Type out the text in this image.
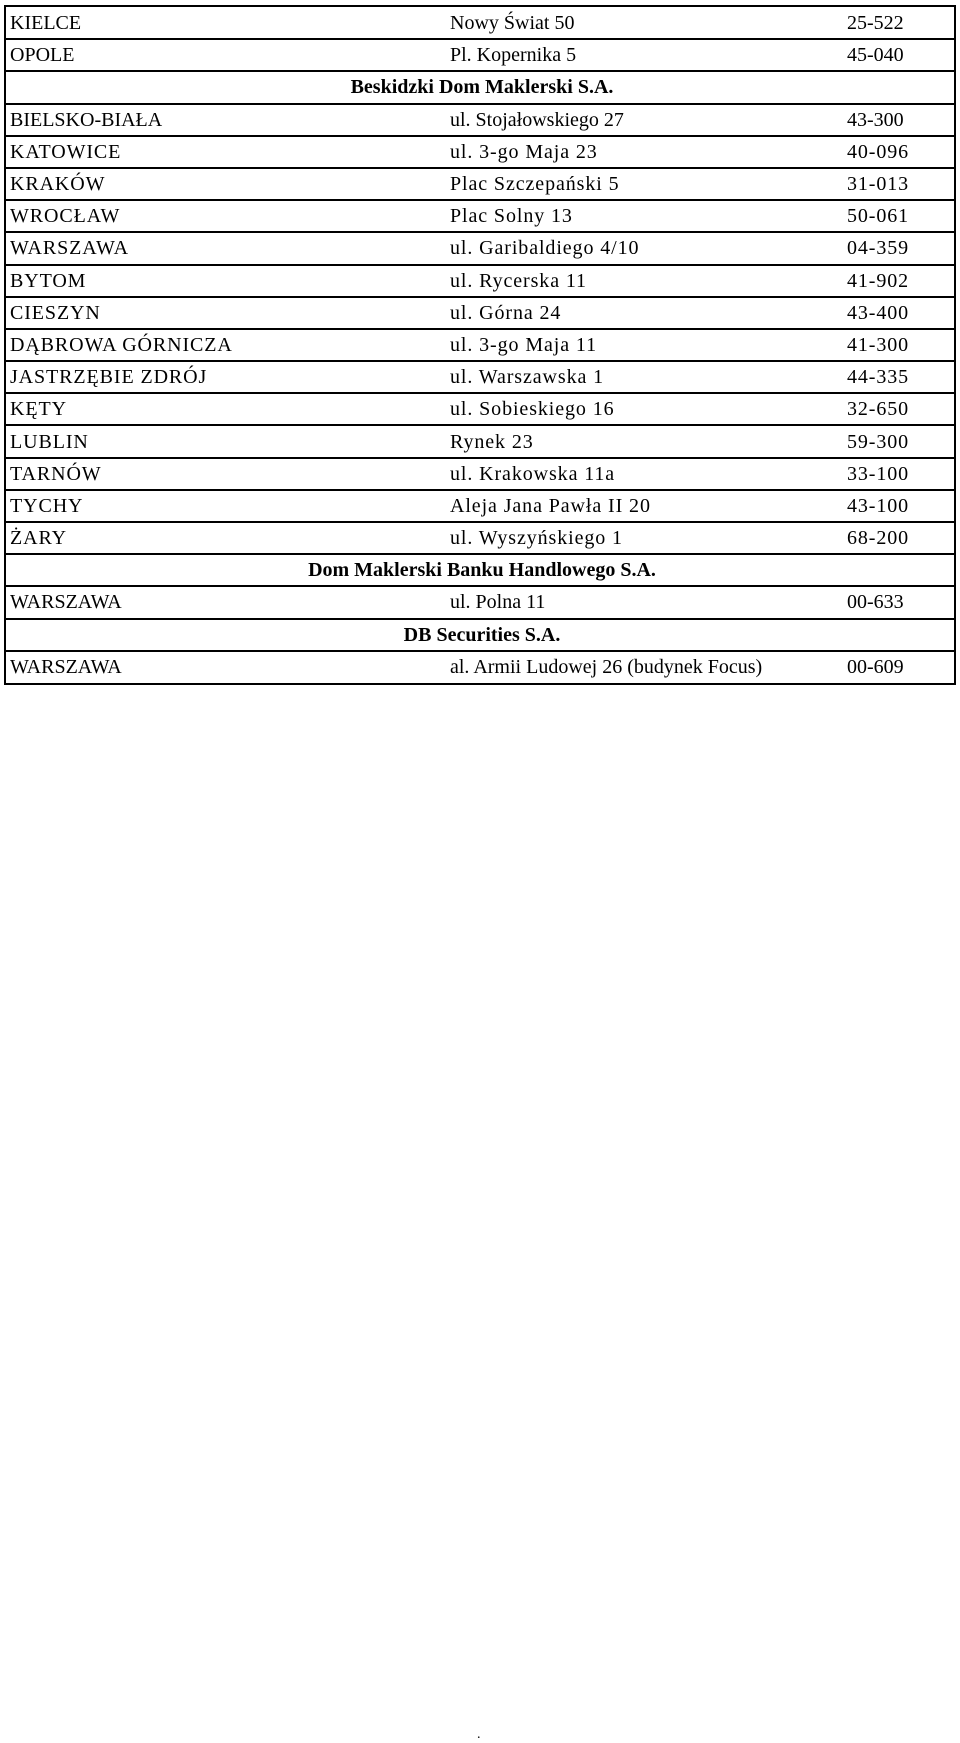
KIELCE	Nowy Świat 50	25-522
OPOLE	Pl. Kopernika 5	45-040
Beskidzki Dom Maklerski S.A.		
BIELSKO-BIAŁA	ul. Stojałowskiego 27	43-300
KATOWICE	ul. 3-go Maja 23	40-096
KRAKÓW	Plac Szczepański 5	31-013
WROCŁAW	Plac Solny 13	50-061
WARSZAWA	ul. Garibaldiego 4/10	04-359
BYTOM	ul. Rycerska 11	41-902
CIESZYN	ul. Górna 24	43-400
DĄBROWA GÓRNICZA	ul. 3-go Maja 11	41-300
JASTRZĘBIE ZDRÓJ	ul. Warszawska 1	44-335
KĘTY	ul. Sobieskiego 16	32-650
LUBLIN	Rynek 23	59-300
TARNÓW	ul. Krakowska 11a	33-100
TYCHY	Aleja Jana Pawła II 20	43-100
ŻARY	ul. Wyszyńskiego 1	68-200
Dom Maklerski Banku Handlowego S.A.		
WARSZAWA	ul. Polna 11	00-633
DB Securities S.A.		
WARSZAWA	al. Armii Ludowej 26 (budynek Focus)	00-609
.
